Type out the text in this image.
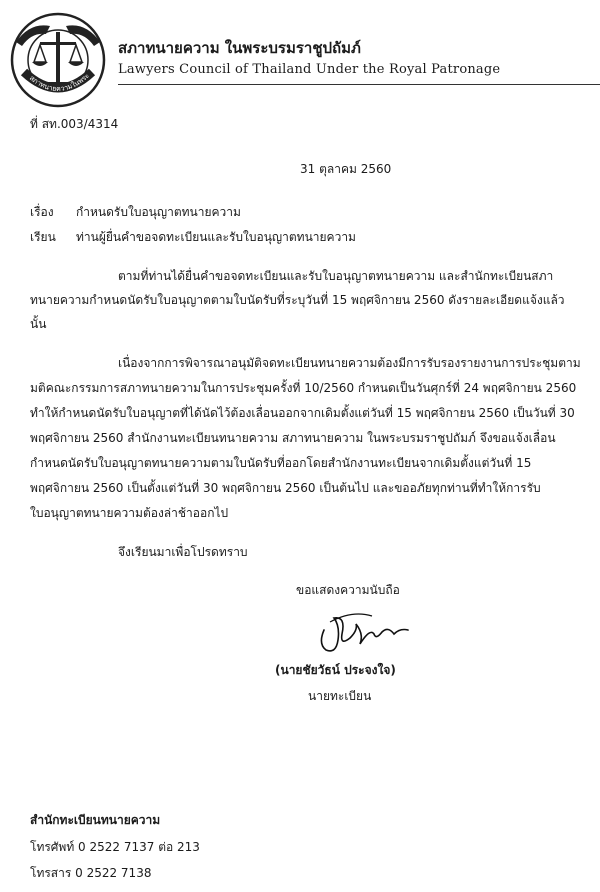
สภาทนายความในพระ
สภาทนายความ ในพระบรมราชูปถัมภ์
Lawyers Council of Thailand Under the Royal Patronage
ที่ สท.003/4314
31 ตุลาคม 2560
เรื่อง กำหนดรับใบอนุญาตทนายความ
เรียน ท่านผู้ยื่นคำขอจดทะเบียนและรับใบอนุญาตทนายความ
ตามที่ท่านได้ยื่นคำขอจดทะเบียนและรับใบอนุญาตทนายความ และสำนักทะเบียนสภา
ทนายความกำหนดนัดรับใบอนุญาตตามใบนัดรับที่ระบุวันที่ 15 พฤศจิกายน 2560 ดังรายละเอียดแจ้งแล้ว
นั้น
เนื่องจากการพิจารณาอนุมัติจดทะเบียนทนายความต้องมีการรับรองรายงานการประชุมตาม
มติคณะกรรมการสภาทนายความในการประชุมครั้งที่ 10/2560 กำหนดเป็นวันศุกร์ที่ 24 พฤศจิกายน 2560
ทำให้กำหนดนัดรับใบอนุญาตที่ได้นัดไว้ต้องเลื่อนออกจากเดิมตั้งแต่วันที่ 15 พฤศจิกายน 2560 เป็นวันที่ 30
พฤศจิกายน 2560 สำนักงานทะเบียนทนายความ สภาทนายความ ในพระบรมราชูปถัมภ์ จึงขอแจ้งเลื่อน
กำหนดนัดรับใบอนุญาตทนายความตามใบนัดรับที่ออกโดยสำนักงานทะเบียนจากเดิมตั้งแต่วันที่ 15
พฤศจิกายน 2560 เป็นตั้งแต่วันที่ 30 พฤศจิกายน 2560 เป็นต้นไป และขออภัยทุกท่านที่ทำให้การรับ
ใบอนุญาตทนายความต้องล่าช้าออกไป
จึงเรียนมาเพื่อโปรดทราบ
ขอแสดงความนับถือ
(นายชัยวัธน์ ประจงใจ)
นายทะเบียน
สำนักทะเบียนทนายความ
โทรศัพท์ 0 2522 7137 ต่อ 213
โทรสาร 0 2522 7138
